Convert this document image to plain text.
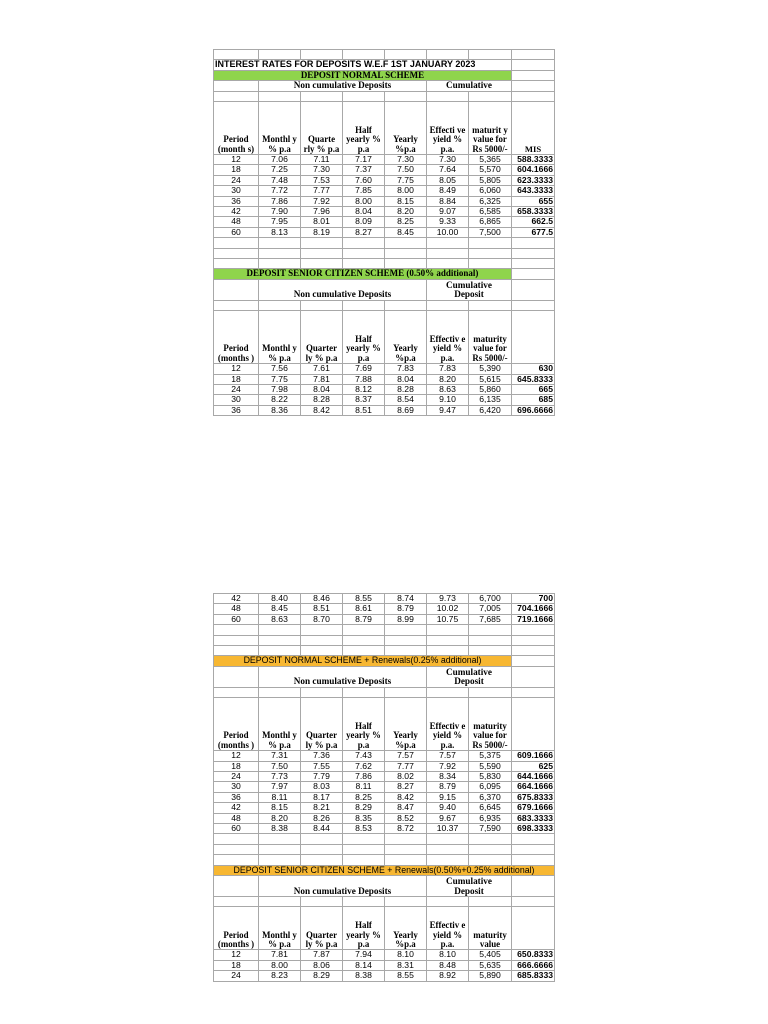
INTEREST RATES FOR DEPOSITS W.E.F 1ST JANUARY 2023							
DEPOSIT NORMAL SCHEME							
	Non cumulative Deposits				Cumulative		

Period (month s)	Monthl y % p.a	Quarte rly % p.a	Half yearly % p.a	Yearly %p.a	Effecti ve yield % p.a.	maturit y value for Rs 5000/-	MIS
12	7.06	7.11	7.17	7.30	7.30	5,365	588.3333
18	7.25	7.30	7.37	7.50	7.64	5,570	604.1666
24	7.48	7.53	7.60	7.75	8.05	5,805	623.3333
30	7.72	7.77	7.85	8.00	8.49	6,060	643.3333
36	7.86	7.92	8.00	8.15	8.84	6,325	655
42	7.90	7.96	8.04	8.20	9.07	6,585	658.3333
48	7.95	8.01	8.09	8.25	9.33	6,865	662.5
60	8.13	8.19	8.27	8.45	10.00	7,500	677.5

DEPOSIT SENIOR CITIZEN SCHEME (0.50% additional)							
	Non cumulative Deposits				Cumulative Deposit		

Period (months )	Monthl y % p.a	Quarter ly % p.a	Half yearly % p.a	Yearly %p.a	Effectiv e yield % p.a.	maturity value for Rs 5000/-	
12	7.56	7.61	7.69	7.83	7.83	5,390	630
18	7.75	7.81	7.88	8.04	8.20	5,615	645.8333
24	7.98	8.04	8.12	8.28	8.63	5,860	665
30	8.22	8.28	8.37	8.54	9.10	6,135	685
36	8.36	8.42	8.51	8.69	9.47	6,420	696.6666
42	8.40	8.46	8.55	8.74	9.73	6,700	700
48	8.45	8.51	8.61	8.79	10.02	7,005	704.1666
60	8.63	8.70	8.79	8.99	10.75	7,685	719.1666

DEPOSIT NORMAL SCHEME + Renewals(0.25% additional)							
	Non cumulative Deposits				Cumulative Deposit		

Period (months )	Monthl y % p.a	Quarter ly % p.a	Half yearly % p.a	Yearly %p.a	Effectiv e yield % p.a.	maturity value for Rs 5000/-	
12	7.31	7.36	7.43	7.57	7.57	5,375	609.1666
18	7.50	7.55	7.62	7.77	7.92	5,590	625
24	7.73	7.79	7.86	8.02	8.34	5,830	644.1666
30	7.97	8.03	8.11	8.27	8.79	6,095	664.1666
36	8.11	8.17	8.25	8.42	9.15	6,370	675.8333
42	8.15	8.21	8.29	8.47	9.40	6,645	679.1666
48	8.20	8.26	8.35	8.52	9.67	6,935	683.3333
60	8.38	8.44	8.53	8.72	10.37	7,590	698.3333

DEPOSIT SENIOR CITIZEN SCHEME + Renewals(0.50%+0.25% additional)							
	Non cumulative Deposits				Cumulative Deposit		

Period (months )	Monthl y % p.a	Quarter ly % p.a	Half yearly % p.a	Yearly %p.a	Effectiv e yield % p.a.	maturity value	
12	7.81	7.87	7.94	8.10	8.10	5,405	650.8333
18	8.00	8.06	8.14	8.31	8.48	5,635	666.6666
24	8.23	8.29	8.38	8.55	8.92	5,890	685.8333
